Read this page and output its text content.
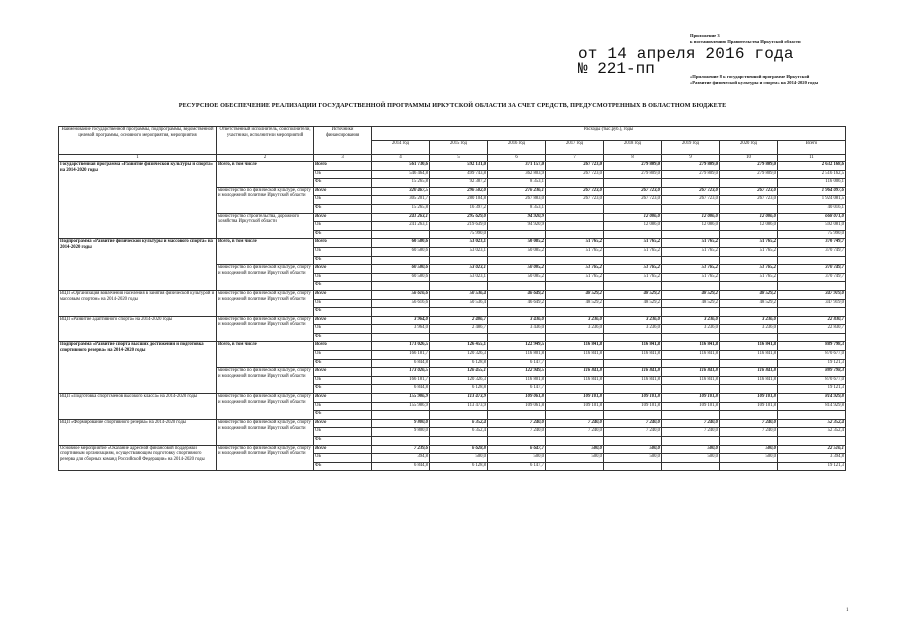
Приложение 3
к постановлению Правительства Иркутской области
от 14 апреля 2016 года
№ 221-пп	«Приложение 8 к государственной программе Иркутской
«Развитие физической культуры и спорта» на 2014-2020 годы
РЕСУРСНОЕ ОБЕСПЕЧЕНИЕ РЕАЛИЗАЦИИ ГОСУДАРСТВЕННОЙ ПРОГРАММЫ ИРКУТСКОЙ ОБЛАСТИ ЗА СЧЕТ СРЕДСТВ, ПРЕДУСМОТРЕННЫХ В ОБЛАСТНОМ БЮДЖЕТЕ
Наименование государственной программы, подпрограммы, ведомственной целевой программы, основного мероприятия, мероприятия	Ответственный исполнитель, соисполнители, участники, исполнители мероприятий	Источники финансирования	Расходы (тыс.руб.), годы							
			2014 год	2015 год	2016 год	2017 год	2018 год	2019 год	2020 год	Всего
1	2	3	4	5	6	7	8	9	10	11
Государственная программа «Развитие физической культуры и спорта» на 2014-2020 годы	Всего, в том числе	Всего	561 730,6	592 131,0	371 157,0	267 723,0	279 809,0	279 809,0	279 809,0	2 632 168,6
		ОБ	546 464,8	499 743,8	362 803,9	267 723,0	279 809,0	279 809,0	279 809,0	2 516 162,5
		ФБ	15 265,8	92 387,2	8 353,1					116 006,1
	министерство по физической культуре, спорту и молодежной политике Иркутской области	Всего	320 467,5	296 502,0	276 236,1	267 723,0	267 723,0	267 723,0	267 723,0	1 964 097,6
		ОБ	305 201,7	280 104,8	267 883,0	267 723,0	267 723,0	267 723,0	267 723,0	1 924 081,5
		ФБ	15 265,8	16 397,2	8 353,1					40 016,1
	министерство строительства, дорожного хозяйства Иркутской области	Всего	241 263,1	295 629,0	94 920,9		12 086,0	12 086,0	12 086,0	668 071,0
		ОБ	241 263,1	219 639,0	94 920,9		12 086,0	12 086,0	12 086,0	592 081,0
		ФБ		75 990,0						75 990,0
Подпрограмма «Развитие физической культуры и массового спорта» на 2014-2020 годы	Всего, в том числе	Всего	60 580,6	53 023,1	50 085,2	51 765,2	51 765,2	51 765,2	51 765,2	370 749,7
		ОБ	60 580,6	53 023,1	50 085,2	51 765,2	51 765,2	51 765,2	51 765,2	370 749,7
		ФБ								
	министерство по физической культуре, спорту и молодежной политике Иркутской области	Всего	60 580,6	53 023,1	50 085,2	51 765,2	51 765,2	51 765,2	51 765,2	370 749,7
		ОБ	60 580,6	53 023,1	50 085,2	51 765,2	51 765,2	51 765,2	51 765,2	370 749,7
		ФБ								
ВЦП «Организация вовлечения населения в занятия физической культурой и массовым спортом» на 2014-2020 годы	министерство по физической культуре, спорту и молодежной политике Иркутской области	Всего	56 616,6	50 536,4	46 649,2	48 529,2	48 529,2	48 529,2	48 529,2	347 919,0
		ОБ	56 616,6	50 536,4	46 649,2	48 529,2	48 529,2	48 529,2	48 529,2	347 919,0
		ФБ								
ВЦП «Развитие адаптивного спорта» на 2014-2020 годы	министерство по физической культуре, спорту и молодежной политике Иркутской области	Всего	3 964,0	2 486,7	3 436,0	3 236,0	3 236,0	3 236,0	3 236,0	22 830,7
		ОБ	3 964,0	2 486,7	3 436,0	3 236,0	3 236,0	3 236,0	3 236,0	22 830,7
		ФБ								
Подпрограмма «Развитие спорта высших достижений и подготовка спортивного резерва» на 2014-2020 годы	Всего, в том числе	Всего	173 026,5	126 455,1	122 949,5	116 841,8	116 841,8	116 841,8	116 841,8	889 798,3
		ОБ	166 181,7	120 326,3	116 801,8	116 841,8	116 841,8	116 841,8	116 841,8	870 677,0
		ФБ	6 844,8	6 128,8	6 147,7					19 121,3
	министерство по физической культуре, спорту и молодежной политике Иркутской области	Всего	173 026,5	126 455,1	122 949,5	116 841,8	116 841,8	116 841,8	116 841,8	889 798,3
		ОБ	166 181,7	120 326,3	116 801,8	116 841,8	116 841,8	116 841,8	116 841,8	870 677,0
		ФБ	6 844,8	6 128,8	6 147,7					19 121,3
ВЦП «Подготовка спортсменов высокого класса» на 2014-2020 годы	министерство по физической культуре, спорту и молодежной политике Иркутской области	Всего	155 986,9	113 473,9	109 061,8	109 101,8	109 101,8	109 101,8	109 101,8	814 929,8
		ОБ	155 986,9	113 473,9	109 061,8	109 101,8	109 101,8	109 101,8	109 101,8	814 929,8
		ФБ								
ВЦП «Формирование спортивного резерва» на 2014-2020 годы	министерство по физической культуре, спорту и молодежной политике Иркутской области	Всего	9 800,0	6 352,4	7 240,0	7 240,0	7 240,0	7 240,0	7 240,0	52 352,4
		ОБ	9 800,0	6 352,4	7 240,0	7 240,0	7 240,0	7 240,0	7 240,0	52 352,4
		ФБ								
Основное мероприятие «Оказание адресной финансовой поддержки спортивным организациям, осуществляющим подготовку спортивного резерва для сборных команд Российской Федерации» на 2014-2020 годы	министерство по физической культуре, спорту и молодежной политике Иркутской области	Всего	7 239,6	6 628,8	6 647,7	500,0	500,0	500,0	500,0	22 516,1
		ОБ	394,8	500,0	500,0	500,0	500,0	500,0	500,0	3 394,8
		ФБ	6 844,8	6 128,8	6 147,7					19 121,3
1
